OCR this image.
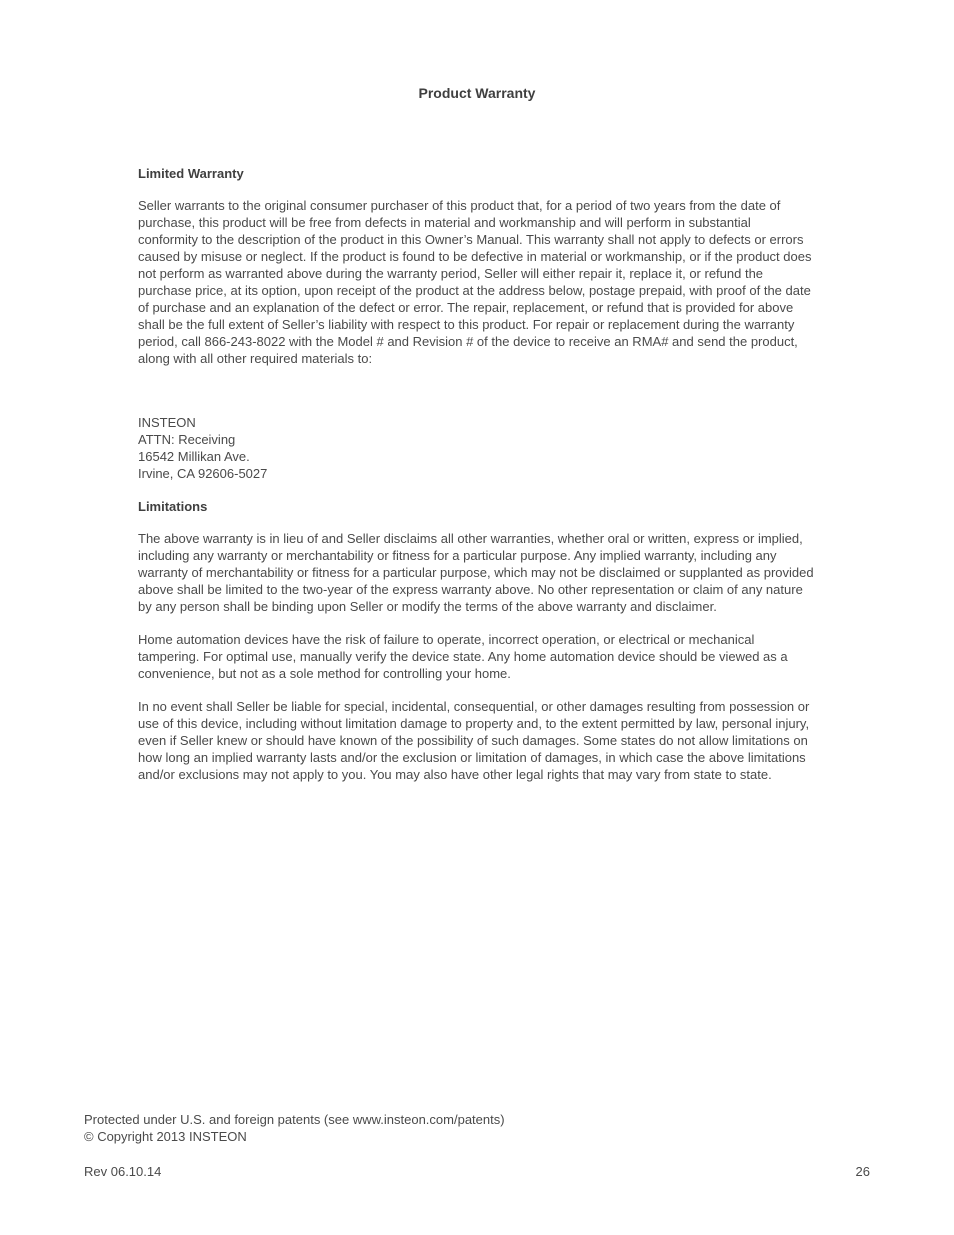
Product Warranty

Limited Warranty

Seller warrants to the original consumer purchaser of this product that, for a period of two years from the date of purchase, this product will be free from defects in material and workmanship and will perform in substantial conformity to the description of the product in this Owner’s Manual. This warranty shall not apply to defects or errors caused by misuse or neglect. If the product is found to be defective in material or workmanship, or if the product does not perform as warranted above during the warranty period, Seller will either repair it, replace it, or refund the purchase price, at its option, upon receipt of the product at the address below, postage prepaid, with proof of the date of purchase and an explanation of the defect or error. The repair, replacement, or refund that is provided for above shall be the full extent of Seller’s liability with respect to this product. For repair or replacement during the warranty period, call 866-243-8022 with the Model # and Revision # of the device to receive an RMA# and send the product, along with all other required materials to:

INSTEON
ATTN: Receiving
16542 Millikan Ave.
Irvine, CA 92606-5027

Limitations

The above warranty is in lieu of and Seller disclaims all other warranties, whether oral or written, express or implied, including any warranty or merchantability or fitness for a particular purpose. Any implied warranty, including any warranty of merchantability or fitness for a particular purpose, which may not be disclaimed or supplanted as provided above shall be limited to the two-year of the express warranty above. No other representation or claim of any nature by any person shall be binding upon Seller or modify the terms of the above warranty and disclaimer.

Home automation devices have the risk of failure to operate, incorrect operation, or electrical or mechanical tampering. For optimal use, manually verify the device state. Any home automation device should be viewed as a convenience, but not as a sole method for controlling your home.

In no event shall Seller be liable for special, incidental, consequential, or other damages resulting from possession or use of this device, including without limitation damage to property and, to the extent permitted by law, personal injury, even if Seller knew or should have known of the possibility of such damages. Some states do not allow limitations on how long an implied warranty lasts and/or the exclusion or limitation of damages, in which case the above limitations and/or exclusions may not apply to you. You may also have other legal rights that may vary from state to state.

Protected under U.S. and foreign patents (see www.insteon.com/patents)

© Copyright 2013 INSTEON

Rev 06.10.14	26
